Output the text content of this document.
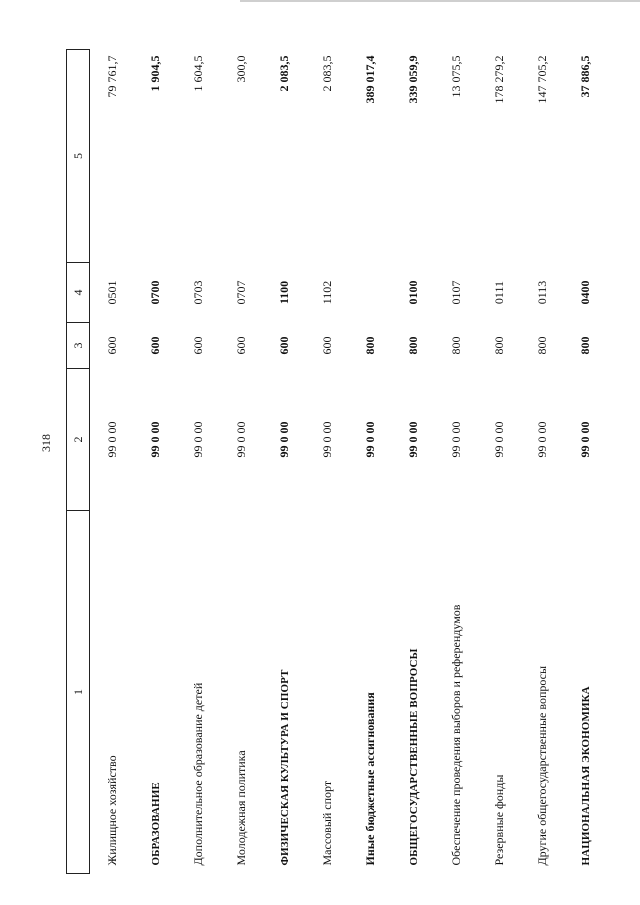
318
1	2	3	4	5
Жилищное хозяйство	99 0 00	600	0501	79 761,7
ОБРАЗОВАНИЕ	99 0 00	600	0700	1 904,5
Дополнительное образование детей	99 0 00	600	0703	1 604,5
Молодежная политика	99 0 00	600	0707	300,0
ФИЗИЧЕСКАЯ КУЛЬТУРА И СПОРТ	99 0 00	600	1100	2 083,5
Массовый спорт	99 0 00	600	1102	2 083,5
Иные бюджетные ассигнования	99 0 00	800		389 017,4
ОБЩЕГОСУДАРСТВЕННЫЕ ВОПРОСЫ	99 0 00	800	0100	339 059,9
Обеспечение проведения выборов и референдумов	99 0 00	800	0107	13 075,5
Резервные фонды	99 0 00	800	0111	178 279,2
Другие общегосударственные вопросы	99 0 00	800	0113	147 705,2
НАЦИОНАЛЬНАЯ ЭКОНОМИКА	99 0 00	800	0400	37 886,5
